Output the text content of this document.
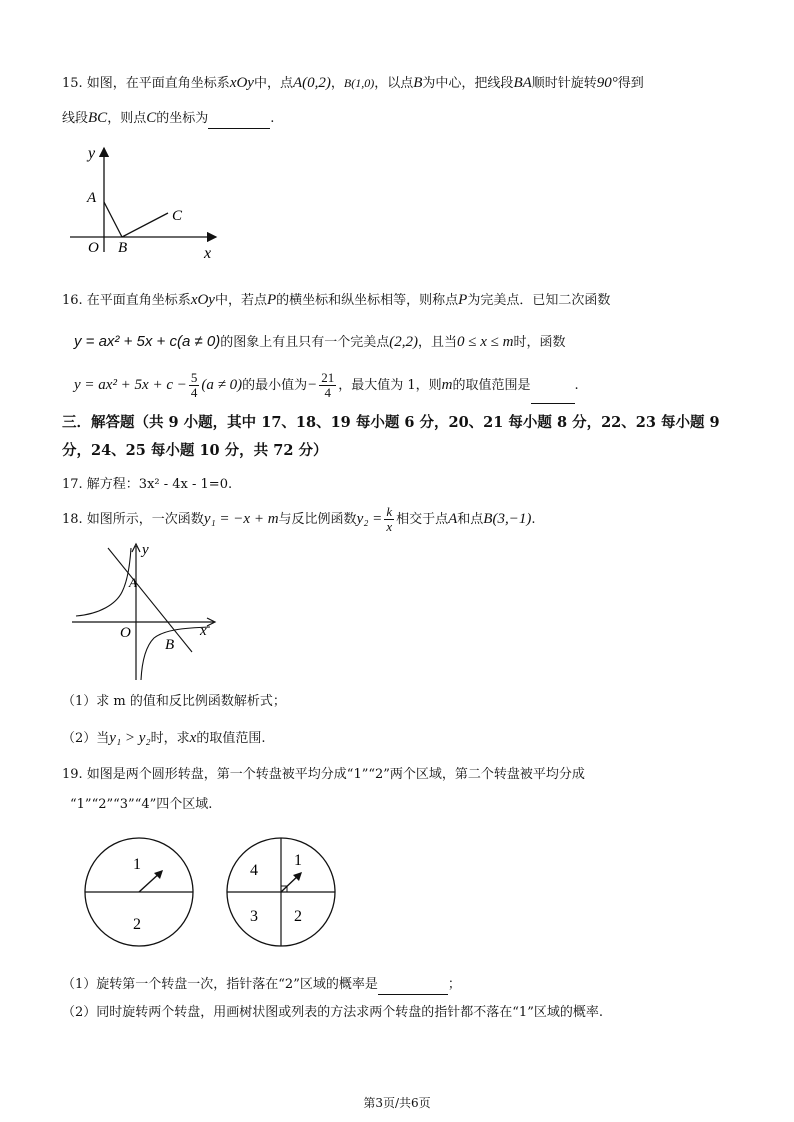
15. 如图，在平面直角坐标系xOy中，点A(0,2)，B(1,0)，以点B为中心，把线段BA顺时针旋转90°得到
线段BC，则点C的坐标为	.
y
A
C
O B	x
16. 在平面直角坐标系xOy中，若点P的横坐标和纵坐标相等，则称点P为完美点．已知二次函数
y = ax² + 5x + c(a ≠ 0)的图象上有且只有一个完美点(2,2)，且当0 ≤ x ≤ m时，函数
$y = ax^2 + 5x + c - \frac{5}{4} (a \ne 0)$的最小值为− $\frac{21}{4}$ ，最大值为 1，则m的取值范围是	.
三．解答题（共 9 小题，其中 17、18、19 每小题 6 分，20、21 每小题 8 分，22、23 每小题 9
分，24、25 每小题 10 分，共 72 分）
17. 解方程：3x² - 4x - 1=0.
18. 如图所示，一次函数y₁ = −x + m与反比例函数$y_2 = \frac{k}{x}$ 相交于点A和点B(3,−1).
y
x
O
A
B
（1）求 m 的值和反比例函数解析式；
（2）当y₁ > y₂时，求x的取值范围.
19. 如图是两个圆形转盘，第一个转盘被平均分成“1”“2”两个区域，第二个转盘被平均分成
“1”“2”“3”“4”四个区域.
1
2
4
1
3 2
（1）旋转第一个转盘一次，指针落在“2”区域的概率是	；
（2）同时旋转两个转盘，用画树状图或列表的方法求两个转盘的指针都不落在“1”区域的概率.
第3页/共6页
